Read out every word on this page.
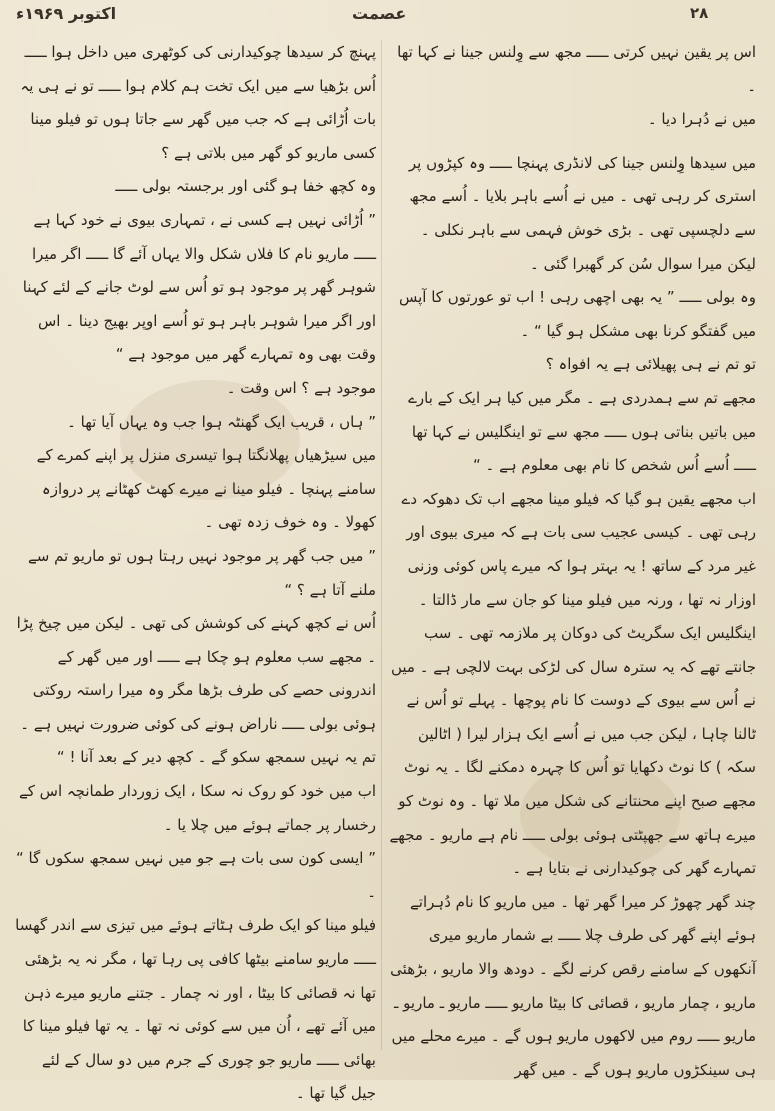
اکتوبر ۱۹۶۹ء	عصمت	۲۸

اس پر یقین نہیں کرتی ـــــ مجھ سے وِلنس جینا نے کہا تھا ۔

میں نے دُہرا دیا ۔

میں سیدھا وِلنس جینا کی لانڈری پہنچا ـــــ وہ کپڑوں پر استری کر رہی تھی ۔ میں نے اُسے باہر بلایا ۔ اُسے مجھ سے دلچسپی تھی ۔ بڑی خوش فہمی سے باہر نکلی ۔ لیکن میرا سوال سُن کر گھبرا گئی ۔

وہ بولی ـــــ ” یہ بھی اچھی رہی ! اب تو عورتوں کا آپس میں گفتگو کرنا بھی مشکل ہو گیا “ ۔

تو تم نے ہی پھیلائی ہے یہ افواہ ؟

مجھے تم سے ہمدردی ہے ۔ مگر میں کیا ہر ایک کے بارے میں باتیں بناتی ہوں ـــــ مجھ سے تو اینگلیس نے کہا تھا ـــــ اُسے اُس شخص کا نام بھی معلوم ہے ۔ “

اب مجھے یقین ہو گیا کہ فیلو مینا مجھے اب تک دھوکہ دے رہی تھی ۔ کیسی عجیب سی بات ہے کہ میری بیوی اور غیر مرد کے ساتھ ! یہ بہتر ہوا کہ میرے پاس کوئی وزنی اوزار نہ تھا ، ورنہ میں فیلو مینا کو جان سے مار ڈالتا ۔

اینگلیس ایک سگریٹ کی دوکان پر ملازمہ تھی ۔ سب جانتے تھے کہ یہ سترہ سال کی لڑکی بہت لالچی ہے ۔ میں نے اُس سے بیوی کے دوست کا نام پوچھا ۔ پہلے تو اُس نے ٹالنا چاہا ، لیکن جب میں نے اُسے ایک ہزار لیرا ( اٹالین سکہ ) کا نوٹ دکھایا تو اُس کا چہرہ دمکنے لگا ۔ یہ نوٹ مجھے صبح اپنے محنتانے کی شکل میں ملا تھا ۔ وہ نوٹ کو میرے ہاتھ سے جھپٹتی ہوئی بولی ـــــ نام ہے ماریو ۔ مجھے تمہارے گھر کی چوکیدارنی نے بتایا ہے ۔

چند گھر چھوڑ کر میرا گھر تھا ۔ میں ماریو کا نام دُہراتے ہوئے اپنے گھر کی طرف چلا ـــــ بے شمار ماریو میری آنکھوں کے سامنے رقص کرنے لگے ۔ دودھ والا ماریو ، بڑھئی ماریو ، چمار ماریو ، قصائی کا بیٹا ماریو ـــــ ماریو ـ ماریو ـ ماریو ـــــ روم میں لاکھوں ماریو ہوں گے ۔ میرے محلے میں ہی سینکڑوں ماریو ہوں گے ۔ میں گھر

پہنچ کر سیدھا چوکیدارنی کی کوٹھری میں داخل ہوا ـــــ اُس بڑھیا سے میں ایک تخت ہم کلام ہوا ـــــ تو نے ہی یہ بات اُڑائی ہے کہ جب میں گھر سے جاتا ہوں تو فیلو مینا کسی ماریو کو گھر میں بلاتی ہے ؟

وہ کچھ خفا ہو گئی اور برجستہ بولی ـــــ

” اُڑائی نہیں ہے کسی نے ، تمہاری بیوی نے خود کہا ہے ـــــ ماریو نام کا فلاں شکل والا یہاں آئے گا ـــــ اگر میرا شوہر گھر پر موجود ہو تو اُس سے لوٹ جانے کے لئے کہنا اور اگر میرا شوہر باہر ہو تو اُسے اوپر بھیج دینا ۔ اس وقت بھی وہ تمہارے گھر میں موجود ہے “

موجود ہے ؟ اس وقت ۔

” ہاں ، قریب ایک گھنٹہ ہوا جب وہ یہاں آیا تھا ۔

میں سیڑھیاں پھلانگتا ہوا تیسری منزل پر اپنے کمرے کے سامنے پہنچا ۔ فیلو مینا نے میرے کھٹ کھٹانے پر دروازہ کھولا ۔ وہ خوف زدہ تھی ۔

” میں جب گھر پر موجود نہیں رہتا ہوں تو ماریو تم سے ملنے آتا ہے ؟ “

اُس نے کچھ کہنے کی کوشش کی تھی ۔ لیکن میں چیخ پڑا ۔ مجھے سب معلوم ہو چکا ہے ـــــ اور میں گھر کے اندرونی حصے کی طرف بڑھا مگر وہ میرا راستہ روکتی ہوئی بولی ـــــ ناراض ہونے کی کوئی ضرورت نہیں ہے ۔ تم یہ نہیں سمجھ سکو گے ۔ کچھ دیر کے بعد آنا ! “

اب میں خود کو روک نہ سکا ، ایک زوردار طمانچہ اس کے رخسار پر جماتے ہوئے میں چلا یا ۔

” ایسی کون سی بات ہے جو میں نہیں سمجھ سکوں گا “ ۔

فیلو مینا کو ایک طرف ہٹاتے ہوئے میں تیزی سے اندر گھسا ـــــ ماریو سامنے بیٹھا کافی پی رہا تھا ، مگر نہ یہ بڑھئی تھا نہ قصائی کا بیٹا ، اور نہ چمار ۔ جتنے ماریو میرے ذہن میں آئے تھے ، اُن میں سے کوئی نہ تھا ۔ یہ تھا فیلو مینا کا بھائی ـــــ ماریو جو چوری کے جرم میں دو سال کے لئے جیل گیا تھا ۔
